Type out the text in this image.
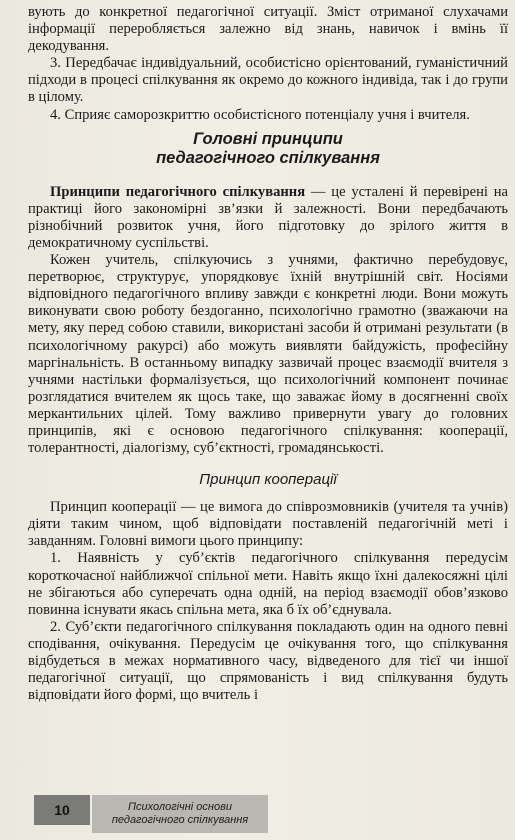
вують до конкретної педагогічної ситуації. Зміст отриманої слухачами інформації переробляється залежно від знань, навичок і вмінь її декодування.

3. Передбачає індивідуальний, особистісно орієнтований, гуманістичний підходи в процесі спілкування як окремо до кожного індивіда, так і до групи в цілому.

4. Сприяє саморозкриттю особистісного потенціалу учня і вчителя.

Головні принципи
педагогічного спілкування

Принципи педагогічного спілкування — це усталені й перевірені на практиці його закономірні зв’язки й залежності. Вони передбачають різнобічний розвиток учня, його підготовку до зрілого життя в демократичному суспільстві.

Кожен учитель, спілкуючись з учнями, фактично перебудовує, перетворює, структурує, упорядковує їхній внутрішній світ. Носіями відповідного педагогічного впливу завжди є конкретні люди. Вони можуть виконувати свою роботу бездоганно, психологічно грамотно (зважаючи на мету, яку перед собою ставили, використані засоби й отримані результати (в психологічному ракурсі) або можуть виявляти байдужість, професійну маргінальність. В останньому випадку зазвичай процес взаємодії вчителя з учнями настільки формалізується, що психологічний компонент починає розглядатися вчителем як щось таке, що заважає йому в досягненні своїх меркантильних цілей. Тому важливо привернути увагу до головних принципів, які є основою педагогічного спілкування: кооперації, толерантності, діалогізму, суб’єктності, громадянськості.

Принцип кооперації

Принцип кооперації — це вимога до співрозмовників (учителя та учнів) діяти таким чином, щоб відповідати поставленій педагогічній меті і завданням. Головні вимоги цього принципу:

1. Наявність у суб’єктів педагогічного спілкування передусім короткочасної найближчої спільної мети. Навіть якщо їхні далекосяжні цілі не збігаються або суперечать одна одній, на період взаємодії обов’язково повинна існувати якась спільна мета, яка б їх об’єднувала.

2. Суб’єкти педагогічного спілкування покладають один на одного певні сподівання, очікування. Передусім це очікування того, що спілкування відбудеться в межах нормативного часу, відведеного для тієї чи іншої педагогічної ситуації, що спрямованість і вид спілкування будуть відповідати його формі, що вчитель і

10	Психологічні основи
педагогічного спілкування
